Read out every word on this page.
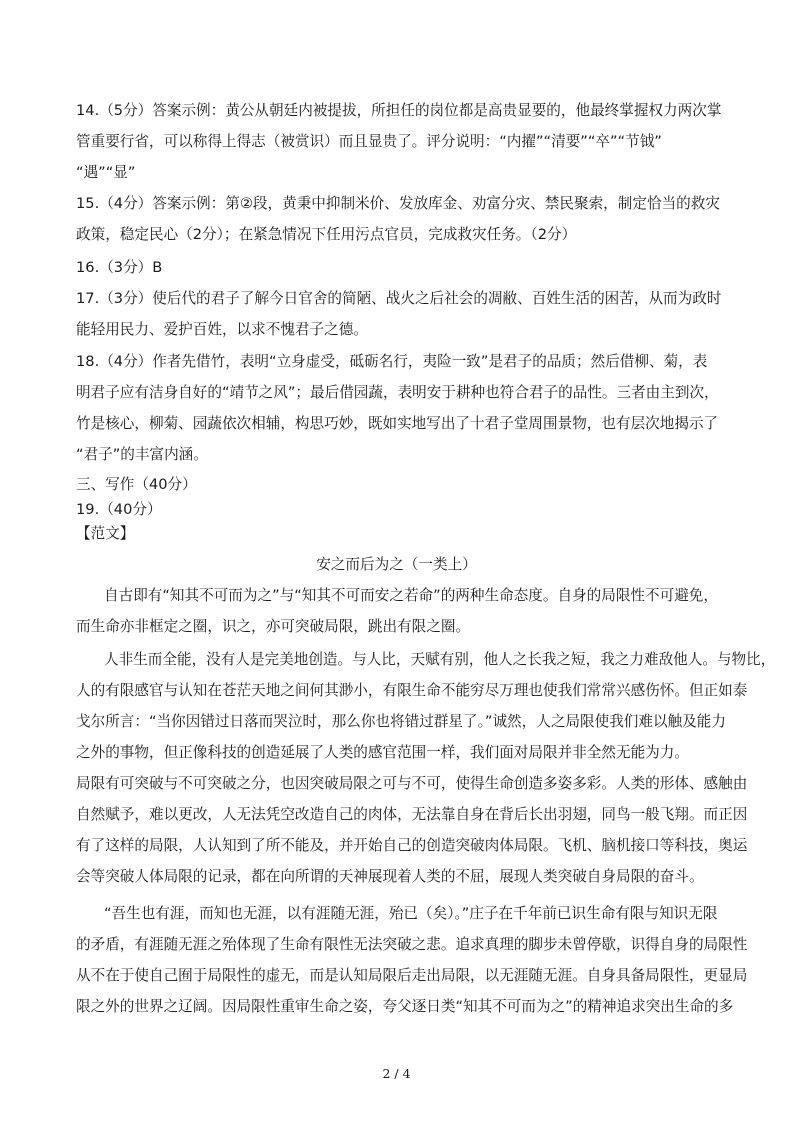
14.（5分）答案示例：黄公从朝廷内被提拔，所担任的岗位都是高贵显要的，他最终掌握权力两次掌
管重要行省，可以称得上得志（被赏识）而且显贵了。评分说明：“内擢”“清要”“卒”“节钺”
“遇”“显”
15.（4分）答案示例：第②段，黄秉中抑制米价、发放库金、劝富分灾、禁民聚索，制定恰当的救灾
政策，稳定民心（2分）；在紧急情况下任用污点官员，完成救灾任务。（2分）
16.（3分）B
17.（3分）使后代的君子了解今日官舍的简陋、战火之后社会的凋敝、百姓生活的困苦，从而为政时
能轻用民力、爱护百姓，以求不愧君子之德。
18.（4分）作者先借竹，表明“立身虚受，砥砺名行，夷险一致”是君子的品质；然后借柳、菊，表
明君子应有洁身自好的“靖节之风”；最后借园蔬，表明安于耕种也符合君子的品性。三者由主到次，
竹是核心，柳菊、园蔬依次相辅，构思巧妙，既如实地写出了十君子堂周围景物，也有层次地揭示了
“君子”的丰富内涵。
三、写作（40分）
19.（40分）
【范文】
安之而后为之（一类上）
自古即有“知其不可而为之”与“知其不可而安之若命”的两种生命态度。自身的局限性不可避免，
而生命亦非框定之圈，识之，亦可突破局限，跳出有限之圈。
人非生而全能，没有人是完美地创造。与人比，天赋有别，他人之长我之短，我之力难敌他人。与物比，
人的有限感官与认知在苍茫天地之间何其渺小，有限生命不能穷尽万理也使我们常常兴感伤怀。但正如泰
戈尔所言：“当你因错过日落而哭泣时，那么你也将错过群星了。”诚然，人之局限使我们难以触及能力
之外的事物，但正像科技的创造延展了人类的感官范围一样，我们面对局限并非全然无能为力。
局限有可突破与不可突破之分，也因突破局限之可与不可，使得生命创造多姿多彩。人类的形体、感触由
自然赋予，难以更改，人无法凭空改造自己的肉体，无法靠自身在背后长出羽翅，同鸟一般飞翔。而正因
有了这样的局限，人认知到了所不能及，并开始自己的创造突破肉体局限。飞机、脑机接口等科技，奥运
会等突破人体局限的记录，都在向所谓的天神展现着人类的不屈，展现人类突破自身局限的奋斗。
“吾生也有涯，而知也无涯，以有涯随无涯，殆已（矣）。”庄子在千年前已识生命有限与知识无限
的矛盾，有涯随无涯之殆体现了生命有限性无法突破之悲。追求真理的脚步未曾停歇，识得自身的局限性
从不在于使自己囿于局限性的虚无，而是认知局限后走出局限，以无涯随无涯。自身具备局限性，更显局
限之外的世界之辽阔。因局限性重审生命之姿，夸父逐日类“知其不可而为之”的精神追求突出生命的多
2 / 4
